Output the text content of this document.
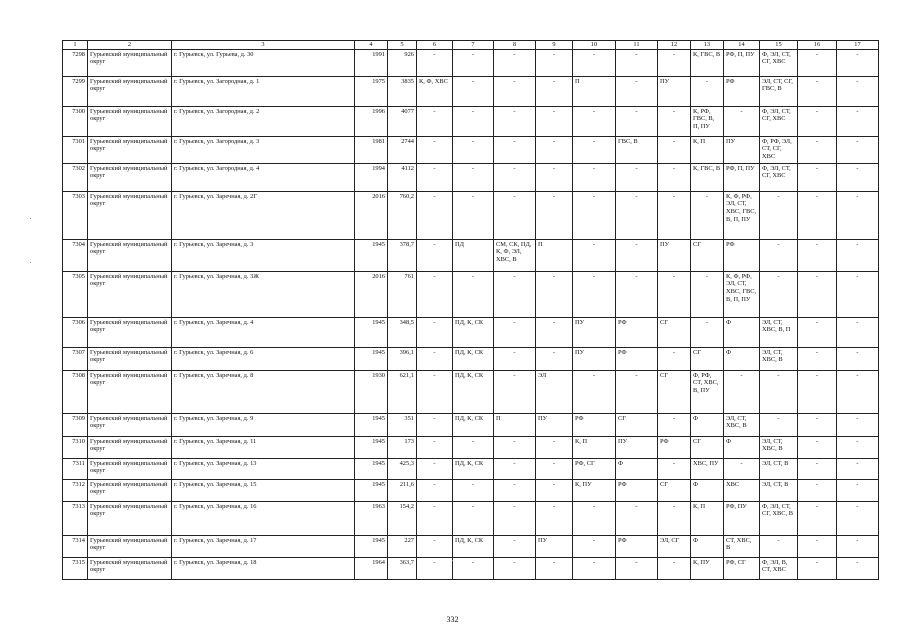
1	2	3	4	5	6	7	8	9	10	11	12	13	14	15	16	17
7298	Гурьевский муниципальный округ	г. Гурьевск, ул. Гурьева, д. 30	1991	926	-	-	-	-	-	-	-	К, ГВС, В	РФ, П, ПУ	Ф, ЭЛ, СТ, СГ, ХВС	-	-
7299	Гурьевский муниципальный округ	г. Гурьевск, ул. Загородная, д. 1	1975	3835	К, Ф, ХВС	-	-	-	П	-	ПУ	-	РФ	ЭЛ, СТ, СГ, ГВС, В	-	-
7300	Гурьевский муниципальный округ	г. Гурьевск, ул. Загородная, д. 2	1996	4077	-	-	-	-	-	-	-	К, РФ, ГВС, В, П, ПУ	-	Ф, ЭЛ, СТ, СГ, ХВС	-	-
7301	Гурьевский муниципальный округ	г. Гурьевск, ул. Загородная, д. 3	1981	2744	-	-	-	-	-	ГВС, В	-	К, П	ПУ	Ф, РФ, ЭЛ, СТ, СГ, ХВС	-	-
7302	Гурьевский муниципальный округ	г. Гурьевск, ул. Загородная, д. 4	1994	4112	-	-	-	-	-	-	-	К, ГВС, В	РФ, П, ПУ	Ф, ЭЛ, СТ, СГ, ХВС	-	-
7303	Гурьевский муниципальный округ	г. Гурьевск, ул. Заречная, д. 2Г	2016	760,2	-	-	-	-	-	-	-	-	К, Ф, РФ, ЭЛ, СТ, ХВС, ГВС, В, П, ПУ	-	-	-
7304	Гурьевский муниципальный округ	г. Гурьевск, ул. Заречная, д. 3	1945	378,7	-	ПД	СМ, СК, ПД, К, Ф, ЭЛ, ХВС, В	П	-	-	ПУ	СГ	РФ	-	-	-
7305	Гурьевский муниципальный округ	г. Гурьевск, ул. Заречная, д. 3Ж	2016	761	-	-	-	-	-	-	-	-	К, Ф, РФ, ЭЛ, СТ, ХВС, ГВС, В, П, ПУ	-	-	-
7306	Гурьевский муниципальный округ	г. Гурьевск, ул. Заречная, д. 4	1945	348,5	-	ПД, К, СК	-	-	ПУ	РФ	СГ	-	Ф	ЭЛ, СТ, ХВС, В, П	-	-
7307	Гурьевский муниципальный округ	г. Гурьевск, ул. Заречная, д. 6	1945	396,1	-	ПД, К, СК	-	-	ПУ	РФ	-	СГ	Ф	ЭЛ, СТ, ХВС, В	-	-
7308	Гурьевский муниципальный округ	г. Гурьевск, ул. Заречная, д. 8	1930	621,1	-	ПД, К, СК	-	ЭЛ	-	-	СГ	Ф, РФ, СТ, ХВС, В, ПУ	-	-	-	-
7309	Гурьевский муниципальный округ	г. Гурьевск, ул. Заречная, д. 9	1945	351	-	ПД, К, СК	П	ПУ	РФ	СГ	-	Ф	ЭЛ, СТ, ХВС, В	-	-	-
7310	Гурьевский муниципальный округ	г. Гурьевск, ул. Заречная, д. 11	1945	173	-	-	-	-	К, П	ПУ	РФ	СГ	Ф	ЭЛ, СТ, ХВС, В	-	-
7311	Гурьевский муниципальный округ	г. Гурьевск, ул. Заречная, д. 13	1945	425,3	-	ПД, К, СК	-	-	РФ, СГ	Ф	-	ХВС, ПУ	-	ЭЛ, СТ, В	-	-
7312	Гурьевский муниципальный округ	г. Гурьевск, ул. Заречная, д. 15	1945	211,6	-	-	-	-	К, ПУ	РФ	СГ	Ф	ХВС	ЭЛ, СТ, В	-	-
7313	Гурьевский муниципальный округ	г. Гурьевск, ул. Заречная, д. 16	1963	154,2	-	-	-	-	-	-	-	К, П	РФ, ПУ	Ф, ЭЛ, СТ, СГ, ХВС, В	-	-
7314	Гурьевский муниципальный округ	г. Гурьевск, ул. Заречная, д. 17	1945	227	-	ПД, К, СК	-	ПУ	-	РФ	ЭЛ, СГ	Ф	СТ, ХВС, В	-	-	-
7315	Гурьевский муниципальный округ	г. Гурьевск, ул. Заречная, д. 18	1964	363,7	-	-	-	-	-	-	-	К, ПУ	РФ, СГ	Ф, ЭЛ, В, СТ, ХВС	-	-
332
